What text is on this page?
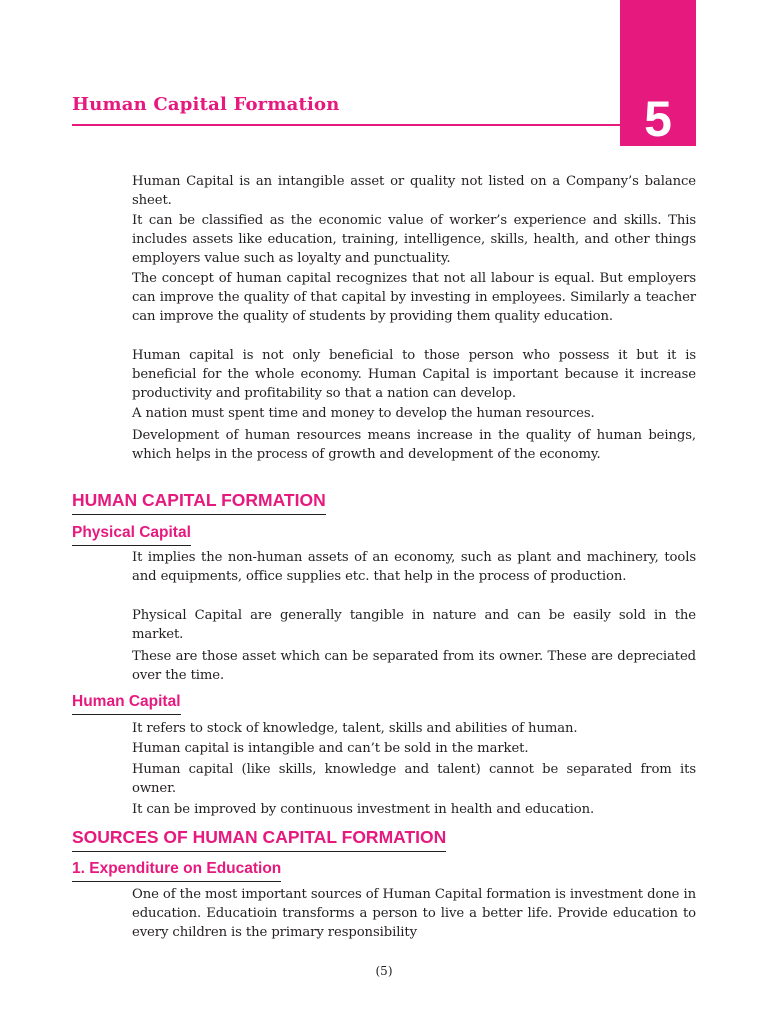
5
Human Capital Formation

Human Capital is an intangible asset or quality not listed on a Company’s balance sheet.

It can be classified as the economic value of worker’s experience and skills. This includes assets like education, training, intelligence, skills, health, and other things employers value such as loyalty and punctuality.

The concept of human capital recognizes that not all labour is equal. But employers can improve the quality of that capital by investing in employees. Similarly a teacher can improve the quality of students by providing them quality education.

Human capital is not only beneficial to those person who possess it but it is beneficial for the whole economy. Human Capital is important because it increase productivity and profitability so that a nation can develop.

A nation must spent time and money to develop the human resources.

Development of human resources means increase in the quality of human beings, which helps in the process of growth and development of the economy.

HUMAN CAPITAL FORMATION
Physical Capital

It implies the non-human assets of an economy, such as plant and machinery, tools and equipments, office supplies etc. that help in the process of production.

Physical Capital are generally tangible in nature and can be easily sold in the market.

These are those asset which can be separated from its owner. These are depreciated over the time.

Human Capital

It refers to stock of knowledge, talent, skills and abilities of human.

Human capital is intangible and can’t be sold in the market.

Human capital (like skills, knowledge and talent) cannot be separated from its owner.

It can be improved by continuous investment in health and education.

SOURCES OF HUMAN CAPITAL FORMATION
1. Expenditure on Education

One of the most important sources of Human Capital formation is investment done in education. Educatioin transforms a person to live a better life. Provide education to every children is the primary responsibility

(5)
